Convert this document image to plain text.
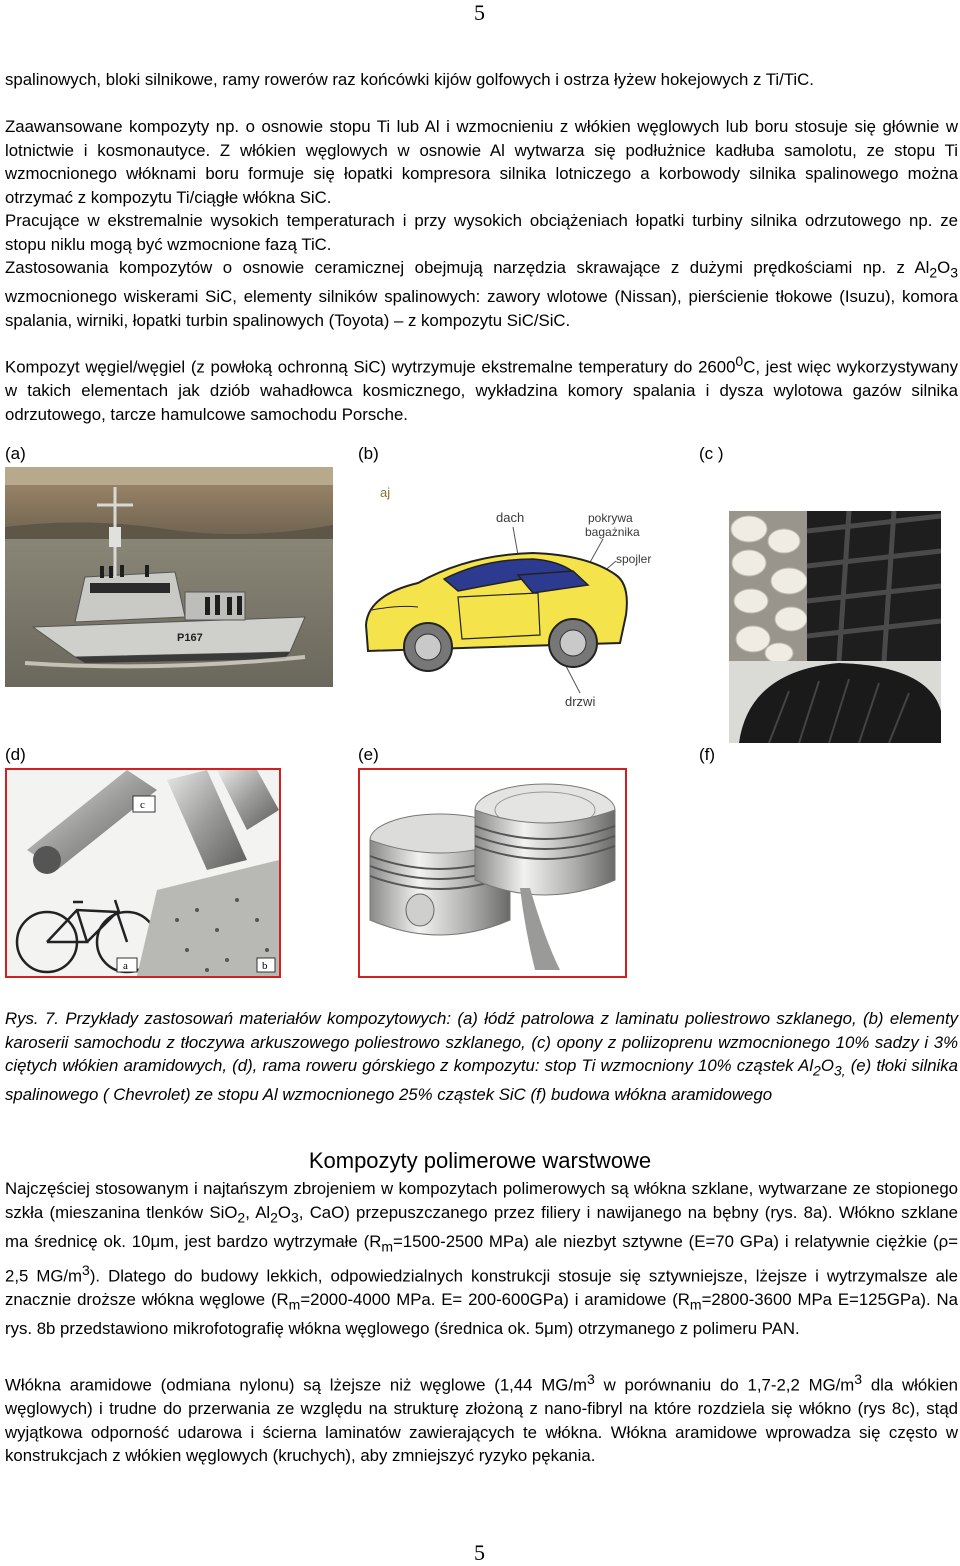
5

spalinowych, bloki silnikowe, ramy rowerów raz końcówki kijów golfowych i ostrza łyżew hokejowych z Ti/TiC.

Zaawansowane kompozyty np. o osnowie stopu Ti lub Al i wzmocnieniu z włókien węglowych lub boru stosuje się głównie w lotnictwie i kosmonautyce. Z włókien węglowych w osnowie Al wytwarza się podłużnice kadłuba samolotu, ze stopu Ti wzmocnionego włóknami boru formuje się łopatki kompresora silnika lotniczego a korbowody silnika spalinowego można otrzymać z kompozytu Ti/ciągłe włókna SiC.

Pracujące w ekstremalnie wysokich temperaturach i przy wysokich obciążeniach łopatki turbiny silnika odrzutowego np. ze stopu niklu mogą być wzmocnione fazą TiC.

Zastosowania kompozytów o osnowie ceramicznej obejmują narzędzia skrawające z dużymi prędkościami np. z $Al_2O_3$ wzmocnionego wiskerami SiC, elementy silników spalinowych: zawory wlotowe (Nissan), pierścienie tłokowe (Isuzu), komora spalania, wirniki, łopatki turbin spalinowych (Toyota) – z kompozytu SiC/SiC.

Kompozyt węgiel/węgiel (z powłoką ochronną SiC) wytrzymuje ekstremalne temperatury do 2600$^0$C, jest więc wykorzystywany w takich elementach jak dziób wahadłowca kosmicznego, wykładzina komory spalania i dysza wylotowa gazów silnika odrzutowego, tarcze hamulcowe samochodu Porsche.

(a)	(b)	(c )
P167
aj
dach	pokrywa
bagażnika
spojler
drzwi
(d)	(e)	(f)
c
a	b

Rys. 7. Przykłady zastosowań materiałów kompozytowych: (a) łódź patrolowa z laminatu poliestrowo szklanego, (b) elementy karoserii samochodu z tłoczywa arkuszowego poliestrowo szklanego, (c) opony z poliizoprenu wzmocnionego 10% sadzy i 3% ciętych włókien aramidowych, (d), rama roweru górskiego z kompozytu: stop Ti wzmocniony 10% cząstek $Al_2O_{3,}$ (e) tłoki silnika spalinowego ( Chevrolet) ze stopu Al wzmocnionego 25% cząstek SiC (f) budowa włókna aramidowego

Kompozyty polimerowe warstwowe

Najczęściej stosowanym i najtańszym zbrojeniem w kompozytach polimerowych są włókna szklane, wytwarzane ze stopionego szkła (mieszanina tlenków SiO$_2$, $Al_2O_3$, CaO) przepuszczanego przez filiery i nawijanego na bębny (rys. 8a). Włókno szklane ma średnicę ok. 10μm, jest bardzo wytrzymałe ($R_m=1500-2500$ MPa) ale niezbyt sztywne (E=70 GPa) i relatywnie ciężkie (ρ= 2,5 $MG/m^3$). Dlatego do budowy lekkich, odpowiedzialnych konstrukcji stosuje się sztywniejsze, lżejsze i wytrzymalsze ale znacznie droższe włókna węglowe ($R_m=2000-4000$ MPa. E= 200-600GPa) i aramidowe ($R_m=2800-3600$ MPa E=125GPa). Na rys. 8b przedstawiono mikrofotografię włókna węglowego (średnica ok. 5μm) otrzymanego z polimeru PAN.

Włókna aramidowe (odmiana nylonu) są lżejsze niż węglowe (1,44 $MG/m^3$ w porównaniu do 1,7-2,2 $MG/m^3$ dla włókien węglowych) i trudne do przerwania ze względu na strukturę złożoną z nano-fibryl na które rozdziela się włókno (rys 8c), stąd wyjątkowa odporność udarowa i ścierna laminatów zawierających te włókna. Włókna aramidowe wprowadza się często w konstrukcjach z włókien węglowych (kruchych), aby zmniejszyć ryzyko pękania.

5
